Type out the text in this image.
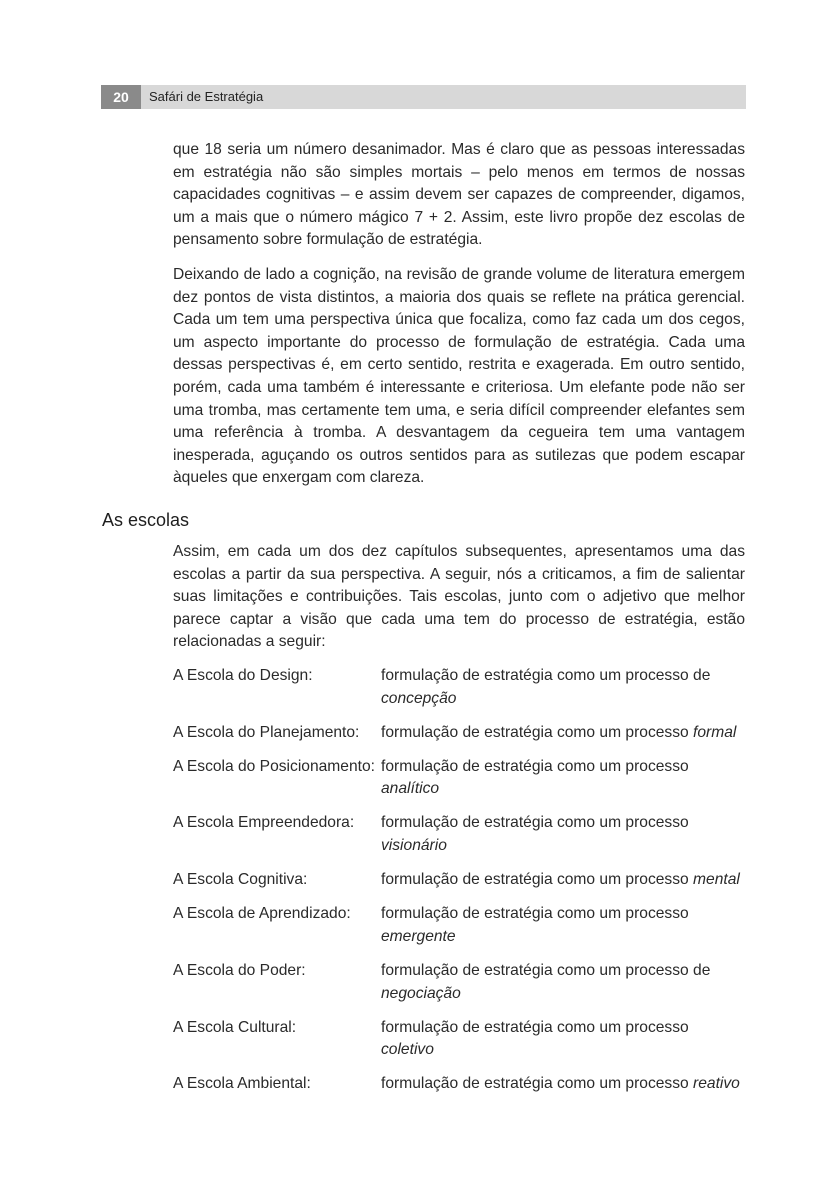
20	Safári de Estratégia

que 18 seria um número desanimador. Mas é claro que as pessoas interessadas em estratégia não são simples mortais – pelo menos em termos de nossas capacidades cognitivas – e assim devem ser capazes de compreender, digamos, um a mais que o número mágico 7 + 2. Assim, este livro propõe dez escolas de pensamento sobre formulação de estratégia.

Deixando de lado a cognição, na revisão de grande volume de literatura emergem dez pontos de vista distintos, a maioria dos quais se reflete na prática gerencial. Cada um tem uma perspectiva única que focaliza, como faz cada um dos cegos, um aspecto importante do processo de formulação de estratégia. Cada uma dessas perspectivas é, em certo sentido, restrita e exagerada. Em outro sentido, porém, cada uma também é interessante e criteriosa. Um elefante pode não ser uma tromba, mas certamente tem uma, e seria difícil compreender elefantes sem uma referência à tromba. A desvantagem da cegueira tem uma vantagem inesperada, aguçando os outros sentidos para as sutilezas que podem escapar àqueles que enxergam com clareza.

As escolas

Assim, em cada um dos dez capítulos subsequentes, apresentamos uma das escolas a partir da sua perspectiva. A seguir, nós a criticamos, a fim de salientar suas limitações e contribuições. Tais escolas, junto com o adjetivo que melhor parece captar a visão que cada uma tem do processo de estratégia, estão relacionadas a seguir:

A Escola do Design:	formulação de estratégia como um processo de
concepção
A Escola do Planejamento:	formulação de estratégia como um processo formal
A Escola do Posicionamento: formulação de estratégia como um processo
analítico
A Escola Empreendedora:	formulação de estratégia como um processo
visionário
A Escola Cognitiva:	formulação de estratégia como um processo mental
A Escola de Aprendizado:	formulação de estratégia como um processo
emergente
A Escola do Poder:	formulação de estratégia como um processo de
negociação
A Escola Cultural:	formulação de estratégia como um processo
coletivo
A Escola Ambiental:	formulação de estratégia como um processo reativo
